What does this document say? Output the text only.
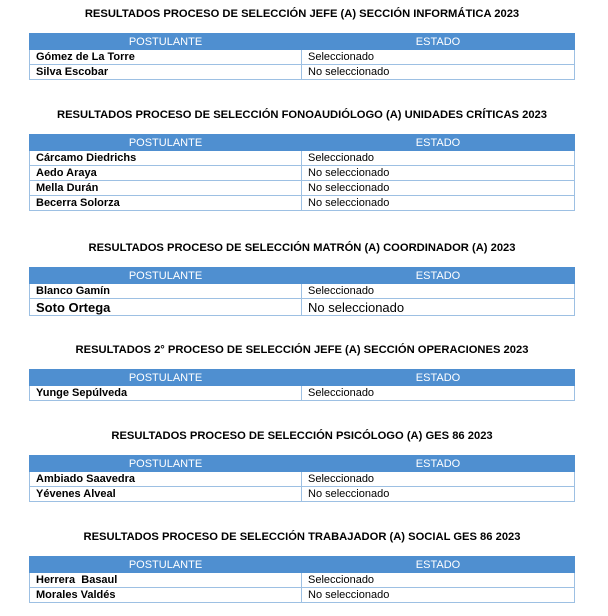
RESULTADOS PROCESO DE SELECCIÓN JEFE (A) SECCIÓN INFORMÁTICA 2023
POSTULANTE	ESTADO
Gómez de La Torre	Seleccionado
Silva Escobar	No seleccionado
RESULTADOS PROCESO DE SELECCIÓN FONOAUDIÓLOGO (A) UNIDADES CRÍTICAS 2023
POSTULANTE	ESTADO
Cárcamo Diedrichs	Seleccionado
Aedo Araya	No seleccionado
Mella Durán	No seleccionado
Becerra Solorza	No seleccionado
RESULTADOS PROCESO DE SELECCIÓN MATRÓN (A) COORDINADOR (A) 2023
POSTULANTE	ESTADO
Blanco Gamín	Seleccionado
Soto Ortega	No seleccionado
RESULTADOS 2° PROCESO DE SELECCIÓN JEFE (A) SECCIÓN OPERACIONES 2023
POSTULANTE	ESTADO
Yunge Sepúlveda	Seleccionado
RESULTADOS PROCESO DE SELECCIÓN PSICÓLOGO (A) GES 86 2023
POSTULANTE	ESTADO
Ambiado Saavedra	Seleccionado
Yévenes Alveal	No seleccionado
RESULTADOS PROCESO DE SELECCIÓN TRABAJADOR (A) SOCIAL GES 86 2023
POSTULANTE	ESTADO
Herrera  Basaul	Seleccionado
Morales Valdés	No seleccionado
